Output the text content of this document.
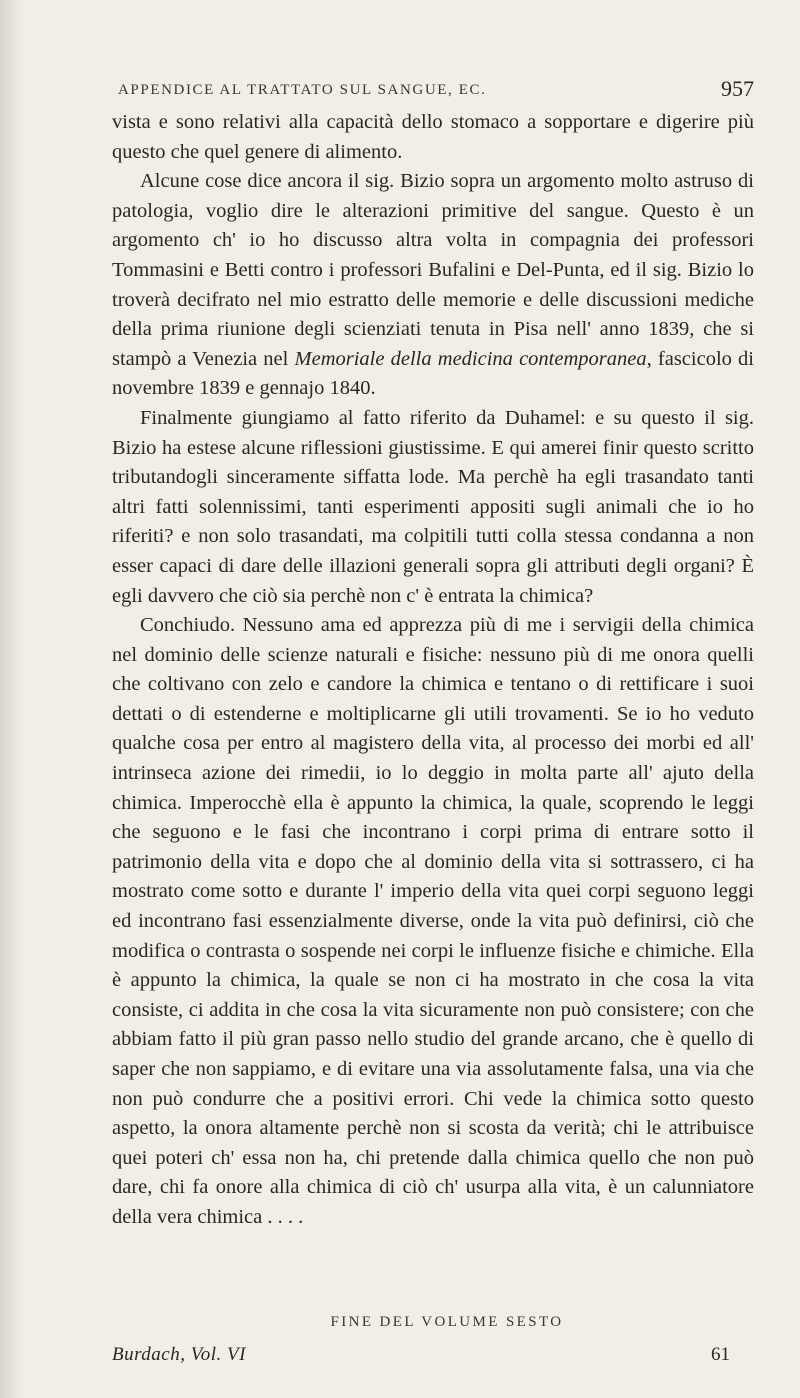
APPENDICE AL TRATTATO SUL SANGUE, EC.	957

vista e sono relativi alla capacità dello stomaco a sopportare e digerire più questo che quel genere di alimento.

Alcune cose dice ancora il sig. Bizio sopra un argomento molto astruso di patologia, voglio dire le alterazioni primitive del sangue. Questo è un argomento ch' io ho discusso altra volta in compagnia dei professori Tommasini e Betti contro i professori Bufalini e Del-Punta, ed il sig. Bizio lo troverà decifrato nel mio estratto delle memorie e delle discussioni mediche della prima riunione degli scienziati tenuta in Pisa nell' anno 1839, che si stampò a Venezia nel Memoriale della medicina contemporanea, fascicolo di novembre 1839 e gennajo 1840.

Finalmente giungiamo al fatto riferito da Duhamel: e su questo il sig. Bizio ha estese alcune riflessioni giustissime. E qui amerei finir questo scritto tributandogli sinceramente siffatta lode. Ma perchè ha egli trasandato tanti altri fatti solennissimi, tanti esperimenti appositi sugli animali che io ho riferiti? e non solo trasandati, ma colpitili tutti colla stessa condanna a non esser capaci di dare delle illazioni generali sopra gli attributi degli organi? È egli davvero che ciò sia perchè non c' è entrata la chimica?

Conchiudo. Nessuno ama ed apprezza più di me i servigii della chimica nel dominio delle scienze naturali e fisiche: nessuno più di me onora quelli che coltivano con zelo e candore la chimica e tentano o di rettificare i suoi dettati o di estenderne e moltiplicarne gli utili trovamenti. Se io ho veduto qualche cosa per entro al magistero della vita, al processo dei morbi ed all' intrinseca azione dei rimedii, io lo deggio in molta parte all' ajuto della chimica. Imperocchè ella è appunto la chimica, la quale, scoprendo le leggi che seguono e le fasi che incontrano i corpi prima di entrare sotto il patrimonio della vita e dopo che al dominio della vita si sottrassero, ci ha mostrato come sotto e durante l' imperio della vita quei corpi seguono leggi ed incontrano fasi essenzialmente diverse, onde la vita può definirsi, ciò che modifica o contrasta o sospende nei corpi le influenze fisiche e chimiche. Ella è appunto la chimica, la quale se non ci ha mostrato in che cosa la vita consiste, ci addita in che cosa la vita sicuramente non può consistere; con che abbiam fatto il più gran passo nello studio del grande arcano, che è quello di saper che non sappiamo, e di evitare una via assolutamente falsa, una via che non può condurre che a positivi errori. Chi vede la chimica sotto questo aspetto, la onora altamente perchè non si scosta da verità; chi le attribuisce quei poteri ch' essa non ha, chi pretende dalla chimica quello che non può dare, chi fa onore alla chimica di ciò ch' usurpa alla vita, è un calunniatore della vera chimica . . . .

FINE DEL VOLUME SESTO
Burdach, Vol. VI	61
